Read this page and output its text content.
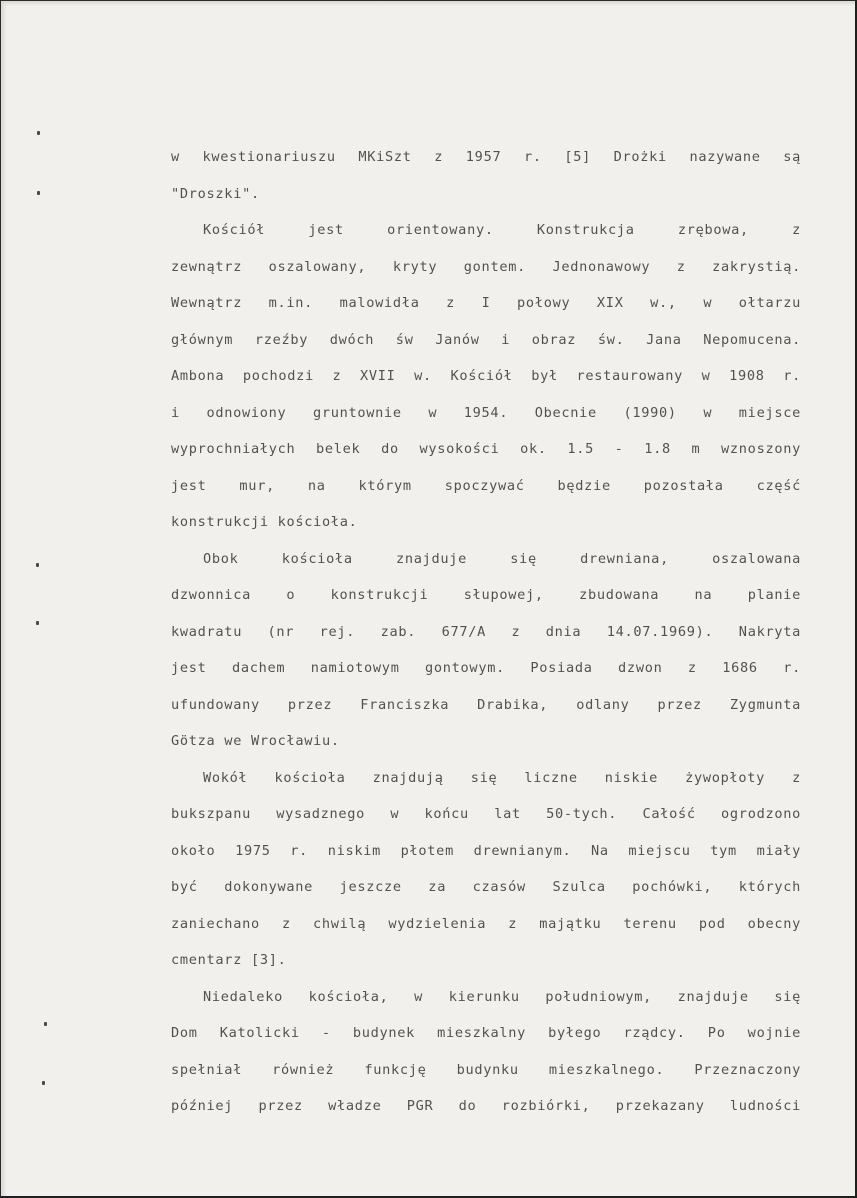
w kwestionariuszu MKiSzt z 1957 r. [5] Drożki nazywane są
"Droszki".
Kościół jest orientowany. Konstrukcja zrębowa, z
zewnątrz oszalowany, kryty gontem. Jednonawowy z zakrystią.
Wewnątrz m.in. malowidła z I połowy XIX w., w ołtarzu
głównym rzeźby dwóch św Janów i obraz św. Jana Nepomucena.
Ambona pochodzi z XVII w. Kościół był restaurowany w 1908 r.
i odnowiony gruntownie w 1954. Obecnie (1990) w miejsce
wyprochniałych belek do wysokości ok. 1.5 - 1.8 m wznoszony
jest mur, na którym spoczywać będzie pozostała część
konstrukcji kościoła.
Obok kościoła znajduje się drewniana, oszalowana
dzwonnica o konstrukcji słupowej, zbudowana na planie
kwadratu (nr rej. zab. 677/A z dnia 14.07.1969). Nakryta
jest dachem namiotowym gontowym. Posiada dzwon z 1686 r.
ufundowany przez Franciszka Drabika, odlany przez Zygmunta
Götza we Wrocławiu.
Wokół kościoła znajdują się liczne niskie żywopłoty z
bukszpanu wysadznego w końcu lat 50-tych. Całość ogrodzono
około 1975 r. niskim płotem drewnianym. Na miejscu tym miały
być dokonywane jeszcze za czasów Szulca pochówki, których
zaniechano z chwilą wydzielenia z majątku terenu pod obecny
cmentarz [3].
Niedaleko kościoła, w kierunku południowym, znajduje się
Dom Katolicki - budynek mieszkalny byłego rządcy. Po wojnie
spełniał również funkcję budynku mieszkalnego. Przeznaczony
później przez władze PGR do rozbiórki, przekazany ludności
